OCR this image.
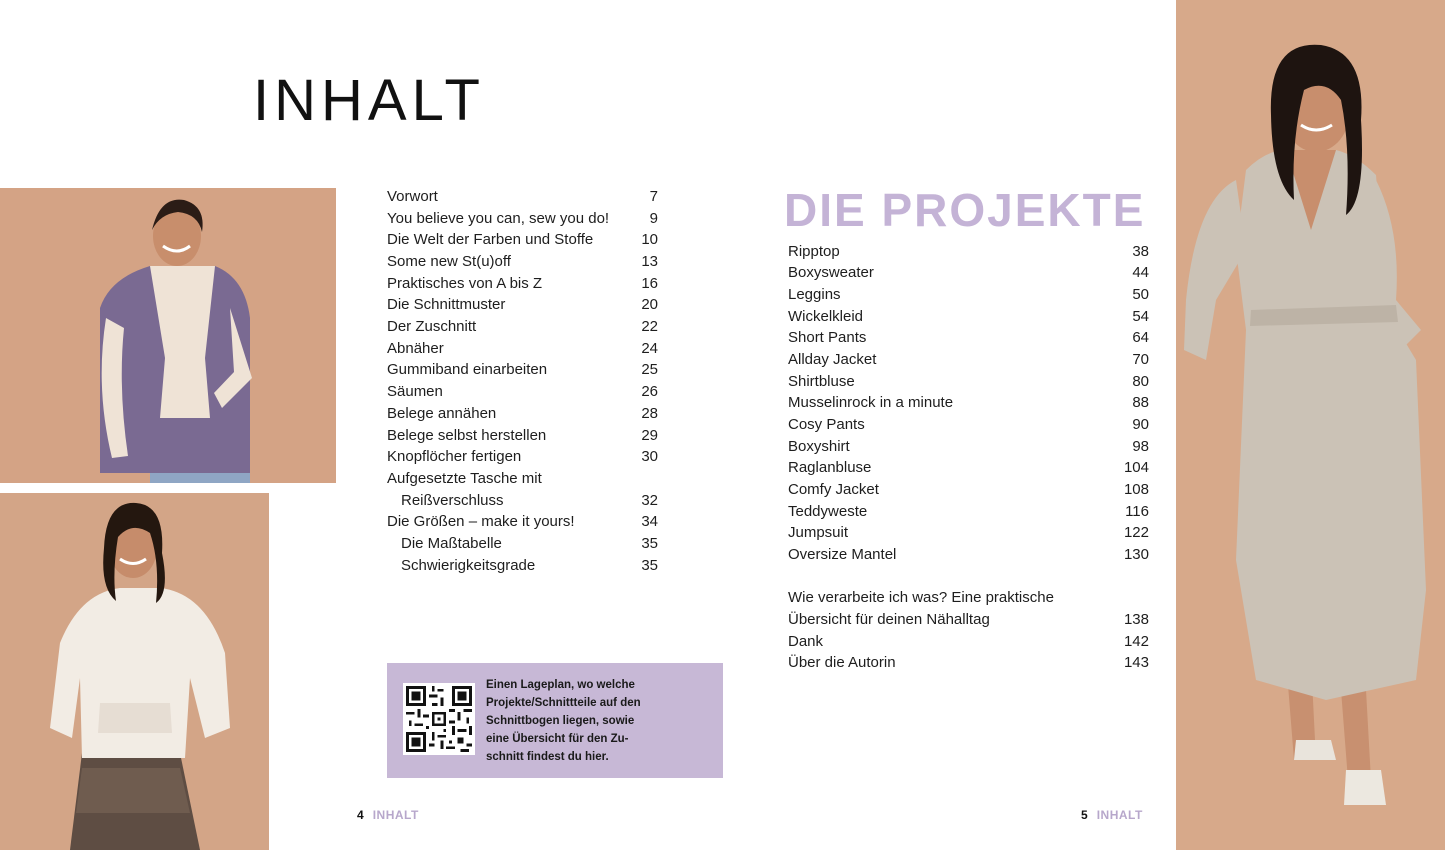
INHALT
Vorwort	7
You believe you can, sew you do!	9
Die Welt der Farben und Stoffe	10
Some new St(u)off	13
Praktisches von A bis Z	16
Die Schnittmuster	20
Der Zuschnitt	22
Abnäher	24
Gummiband einarbeiten	25
Säumen	26
Belege annähen	28
Belege selbst herstellen	29
Knopflöcher fertigen	30
Aufgesetzte Tasche mit
Reißverschluss	32
Die Größen – make it yours!	34
Die Maßtabelle	35
Schwierigkeitsgrade	35
DIE PROJEKTE
Ripptop	38
Boxysweater	44
Leggins	50
Wickelkleid	54
Short Pants	64
Allday Jacket	70
Shirtbluse	80
Musselinrock in a minute	88
Cosy Pants	90
Boxyshirt	98
Raglanbluse	104
Comfy Jacket	108
Teddyweste	116
Jumpsuit	122
Oversize Mantel	130
Wie verarbeite ich was? Eine praktische
Übersicht für deinen Nähalltag	138
Dank	142
Über die Autorin	143
Einen Lageplan, wo welche
Projekte/Schnittteile auf den
Schnittbogen liegen, sowie
eine Übersicht für den Zu-
schnitt findest du hier.
4 INHALT	5 INHALT
